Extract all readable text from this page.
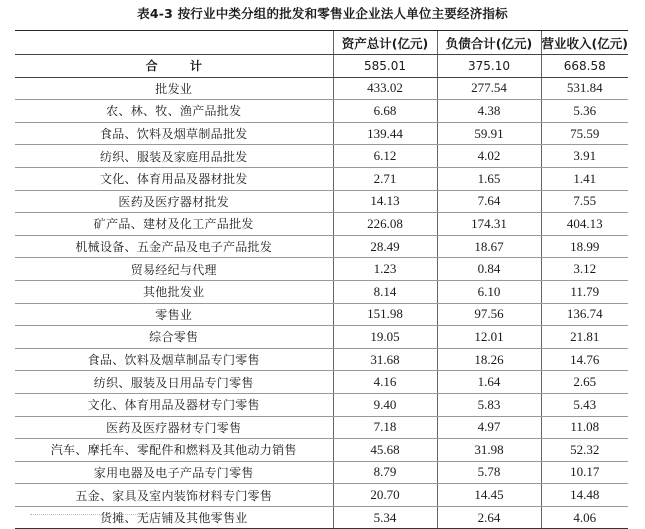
表4-3 按行业中类分组的批发和零售业企业法人单位主要经济指标
	资产总计(亿元)	负债合计(亿元)	营业收入(亿元)
合 计	585.01	375.10	668.58
批发业	433.02	277.54	531.84
农、林、牧、渔产品批发	6.68	4.38	5.36
食品、饮料及烟草制品批发	139.44	59.91	75.59
纺织、服装及家庭用品批发	6.12	4.02	3.91
文化、体育用品及器材批发	2.71	1.65	1.41
医药及医疗器材批发	14.13	7.64	7.55
矿产品、建材及化工产品批发	226.08	174.31	404.13
机械设备、五金产品及电子产品批发	28.49	18.67	18.99
贸易经纪与代理	1.23	0.84	3.12
其他批发业	8.14	6.10	11.79
零售业	151.98	97.56	136.74
综合零售	19.05	12.01	21.81
食品、饮料及烟草制品专门零售	31.68	18.26	14.76
纺织、服装及日用品专门零售	4.16	1.64	2.65
文化、体育用品及器材专门零售	9.40	5.83	5.43
医药及医疗器材专门零售	7.18	4.97	11.08
汽车、摩托车、零配件和燃料及其他动力销售	45.68	31.98	52.32
家用电器及电子产品专门零售	8.79	5.78	10.17
五金、家具及室内装饰材料专门零售	20.70	14.45	14.48
货摊、无店铺及其他零售业	5.34	2.64	4.06
